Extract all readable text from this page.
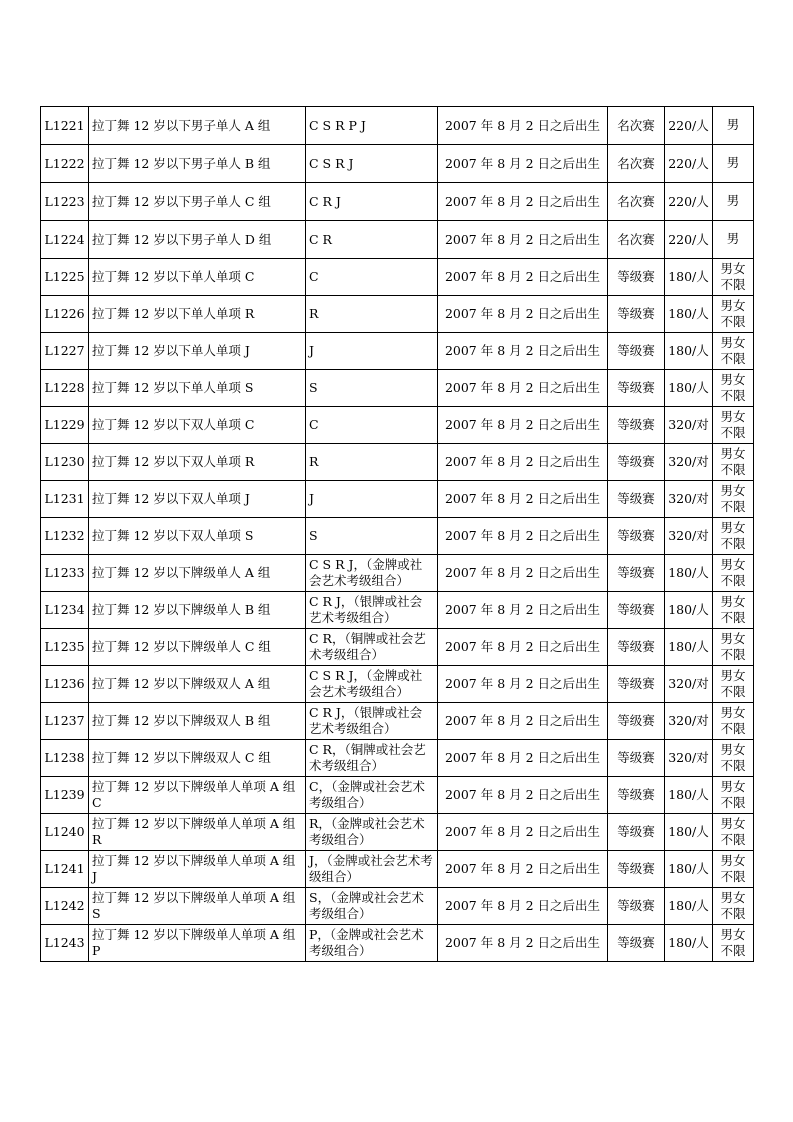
L1221	拉丁舞 12 岁以下男子单人 A 组	C S R P J	2007 年 8 月 2 日之后出生	名次赛	220/人	男
L1222	拉丁舞 12 岁以下男子单人 B 组	C S R J	2007 年 8 月 2 日之后出生	名次赛	220/人	男
L1223	拉丁舞 12 岁以下男子单人 C 组	C R J	2007 年 8 月 2 日之后出生	名次赛	220/人	男
L1224	拉丁舞 12 岁以下男子单人 D 组	C R	2007 年 8 月 2 日之后出生	名次赛	220/人	男
L1225	拉丁舞 12 岁以下单人单项 C	C	2007 年 8 月 2 日之后出生	等级赛	180/人	男女不限
L1226	拉丁舞 12 岁以下单人单项 R	R	2007 年 8 月 2 日之后出生	等级赛	180/人	男女不限
L1227	拉丁舞 12 岁以下单人单项 J	J	2007 年 8 月 2 日之后出生	等级赛	180/人	男女不限
L1228	拉丁舞 12 岁以下单人单项 S	S	2007 年 8 月 2 日之后出生	等级赛	180/人	男女不限
L1229	拉丁舞 12 岁以下双人单项 C	C	2007 年 8 月 2 日之后出生	等级赛	320/对	男女不限
L1230	拉丁舞 12 岁以下双人单项 R	R	2007 年 8 月 2 日之后出生	等级赛	320/对	男女不限
L1231	拉丁舞 12 岁以下双人单项 J	J	2007 年 8 月 2 日之后出生	等级赛	320/对	男女不限
L1232	拉丁舞 12 岁以下双人单项 S	S	2007 年 8 月 2 日之后出生	等级赛	320/对	男女不限
L1233	拉丁舞 12 岁以下牌级单人 A 组	C S R J，（金牌或社会艺术考级组合）	2007 年 8 月 2 日之后出生	等级赛	180/人	男女不限
L1234	拉丁舞 12 岁以下牌级单人 B 组	C R J，（银牌或社会艺术考级组合）	2007 年 8 月 2 日之后出生	等级赛	180/人	男女不限
L1235	拉丁舞 12 岁以下牌级单人 C 组	C R，（铜牌或社会艺术考级组合）	2007 年 8 月 2 日之后出生	等级赛	180/人	男女不限
L1236	拉丁舞 12 岁以下牌级双人 A 组	C S R J，（金牌或社会艺术考级组合）	2007 年 8 月 2 日之后出生	等级赛	320/对	男女不限
L1237	拉丁舞 12 岁以下牌级双人 B 组	C R J，（银牌或社会艺术考级组合）	2007 年 8 月 2 日之后出生	等级赛	320/对	男女不限
L1238	拉丁舞 12 岁以下牌级双人 C 组	C R，（铜牌或社会艺术考级组合）	2007 年 8 月 2 日之后出生	等级赛	320/对	男女不限
L1239	拉丁舞 12 岁以下牌级单人单项 A 组 C	C，（金牌或社会艺术考级组合）	2007 年 8 月 2 日之后出生	等级赛	180/人	男女不限
L1240	拉丁舞 12 岁以下牌级单人单项 A 组 R	R，（金牌或社会艺术考级组合）	2007 年 8 月 2 日之后出生	等级赛	180/人	男女不限
L1241	拉丁舞 12 岁以下牌级单人单项 A 组 J	J，（金牌或社会艺术考级组合）	2007 年 8 月 2 日之后出生	等级赛	180/人	男女不限
L1242	拉丁舞 12 岁以下牌级单人单项 A 组 S	S，（金牌或社会艺术考级组合）	2007 年 8 月 2 日之后出生	等级赛	180/人	男女不限
L1243	拉丁舞 12 岁以下牌级单人单项 A 组 P	P，（金牌或社会艺术考级组合）	2007 年 8 月 2 日之后出生	等级赛	180/人	男女不限
